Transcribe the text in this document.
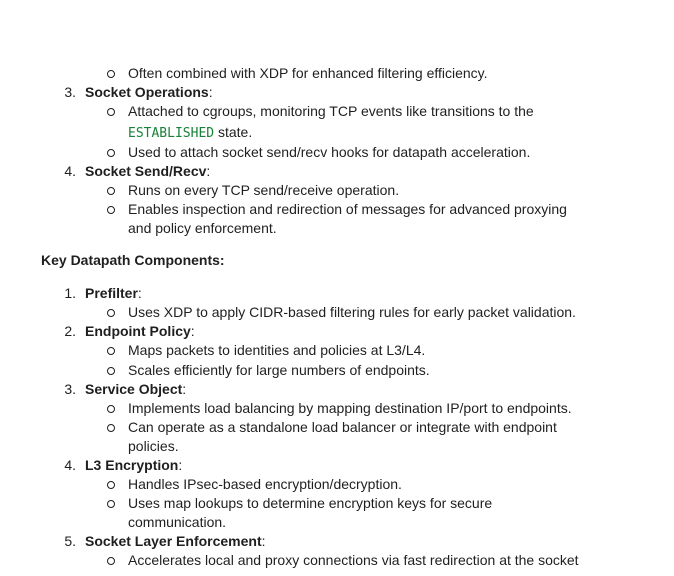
Often combined with XDP for enhanced filtering efficiency.
3. Socket Operations:
Attached to cgroups, monitoring TCP events like transitions to the
ESTABLISHED state.
Used to attach socket send/recv hooks for datapath acceleration.
4. Socket Send/Recv:
Runs on every TCP send/receive operation.
Enables inspection and redirection of messages for advanced proxying
and policy enforcement.
Key Datapath Components:
1. Prefilter:
Uses XDP to apply CIDR-based filtering rules for early packet validation.
2. Endpoint Policy:
Maps packets to identities and policies at L3/L4.
Scales efficiently for large numbers of endpoints.
3. Service Object:
Implements load balancing by mapping destination IP/port to endpoints.
Can operate as a standalone load balancer or integrate with endpoint
policies.
4. L3 Encryption:
Handles IPsec-based encryption/decryption.
Uses map lookups to determine encryption keys for secure
communication.
5. Socket Layer Enforcement:
Accelerates local and proxy connections via fast redirection at the socket
